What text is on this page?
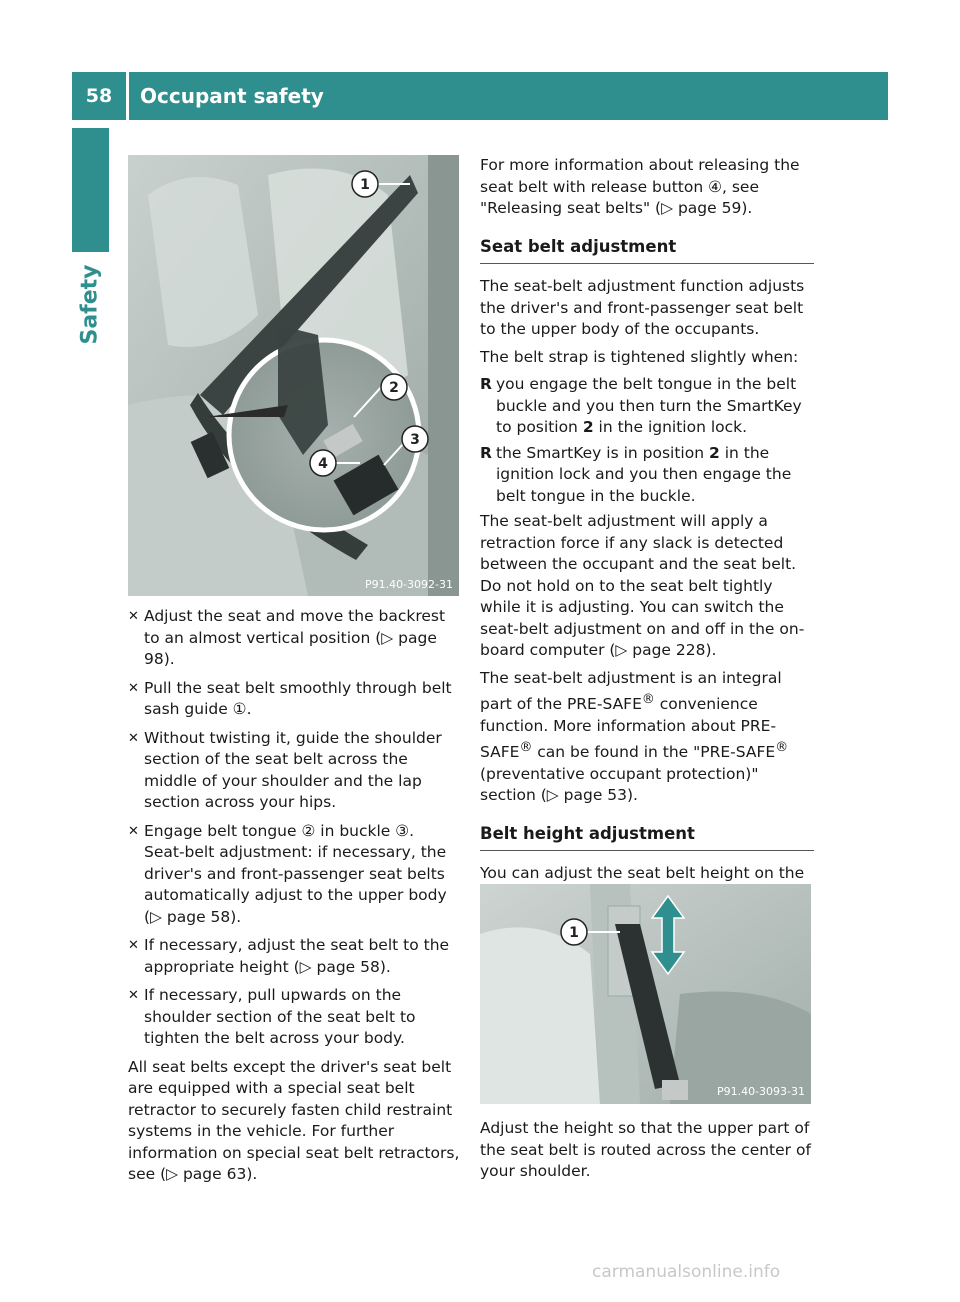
58	Occupant safety
Safety
1
2
3
4
P91.40-3092-31
✕ Adjust the seat and move the backrest to an almost vertical position (▷ page 98).
✕ Pull the seat belt smoothly through belt sash guide ①.
✕ Without twisting it, guide the shoulder section of the seat belt across the middle of your shoulder and the lap section across your hips.
✕ Engage belt tongue ② in buckle ③.
Seat-belt adjustment: if necessary, the driver's and front-passenger seat belts automatically adjust to the upper body (▷ page 58).
✕ If necessary, adjust the seat belt to the appropriate height (▷ page 58).
✕ If necessary, pull upwards on the shoulder section of the seat belt to tighten the belt across your body.

All seat belts except the driver's seat belt are equipped with a special seat belt retractor to securely fasten child restraint systems in the vehicle. For further information on special seat belt retractors, see (▷ page 63).

For more information about releasing the seat belt with release button ④, see "Releasing seat belts" (▷ page 59).

Seat belt adjustment

The seat-belt adjustment function adjusts the driver's and front-passenger seat belt to the upper body of the occupants.

The belt strap is tightened slightly when:

R you engage the belt tongue in the belt buckle and you then turn the SmartKey to position 2 in the ignition lock.
R the SmartKey is in position 2 in the ignition lock and you then engage the belt tongue in the buckle.

The seat-belt adjustment will apply a retraction force if any slack is detected between the occupant and the seat belt. Do not hold on to the seat belt tightly while it is adjusting. You can switch the seat-belt adjustment on and off in the on-board computer (▷ page 228).

The seat-belt adjustment is an integral part of the PRE-SAFE® convenience function. More information about PRE-SAFE® can be found in the "PRE-SAFE® (preventative occupant protection)" section (▷ page 53).

Belt height adjustment

You can adjust the seat belt height on the

1
P91.40-3093-31

Adjust the height so that the upper part of the seat belt is routed across the center of your shoulder.

carmanualsonline.info
